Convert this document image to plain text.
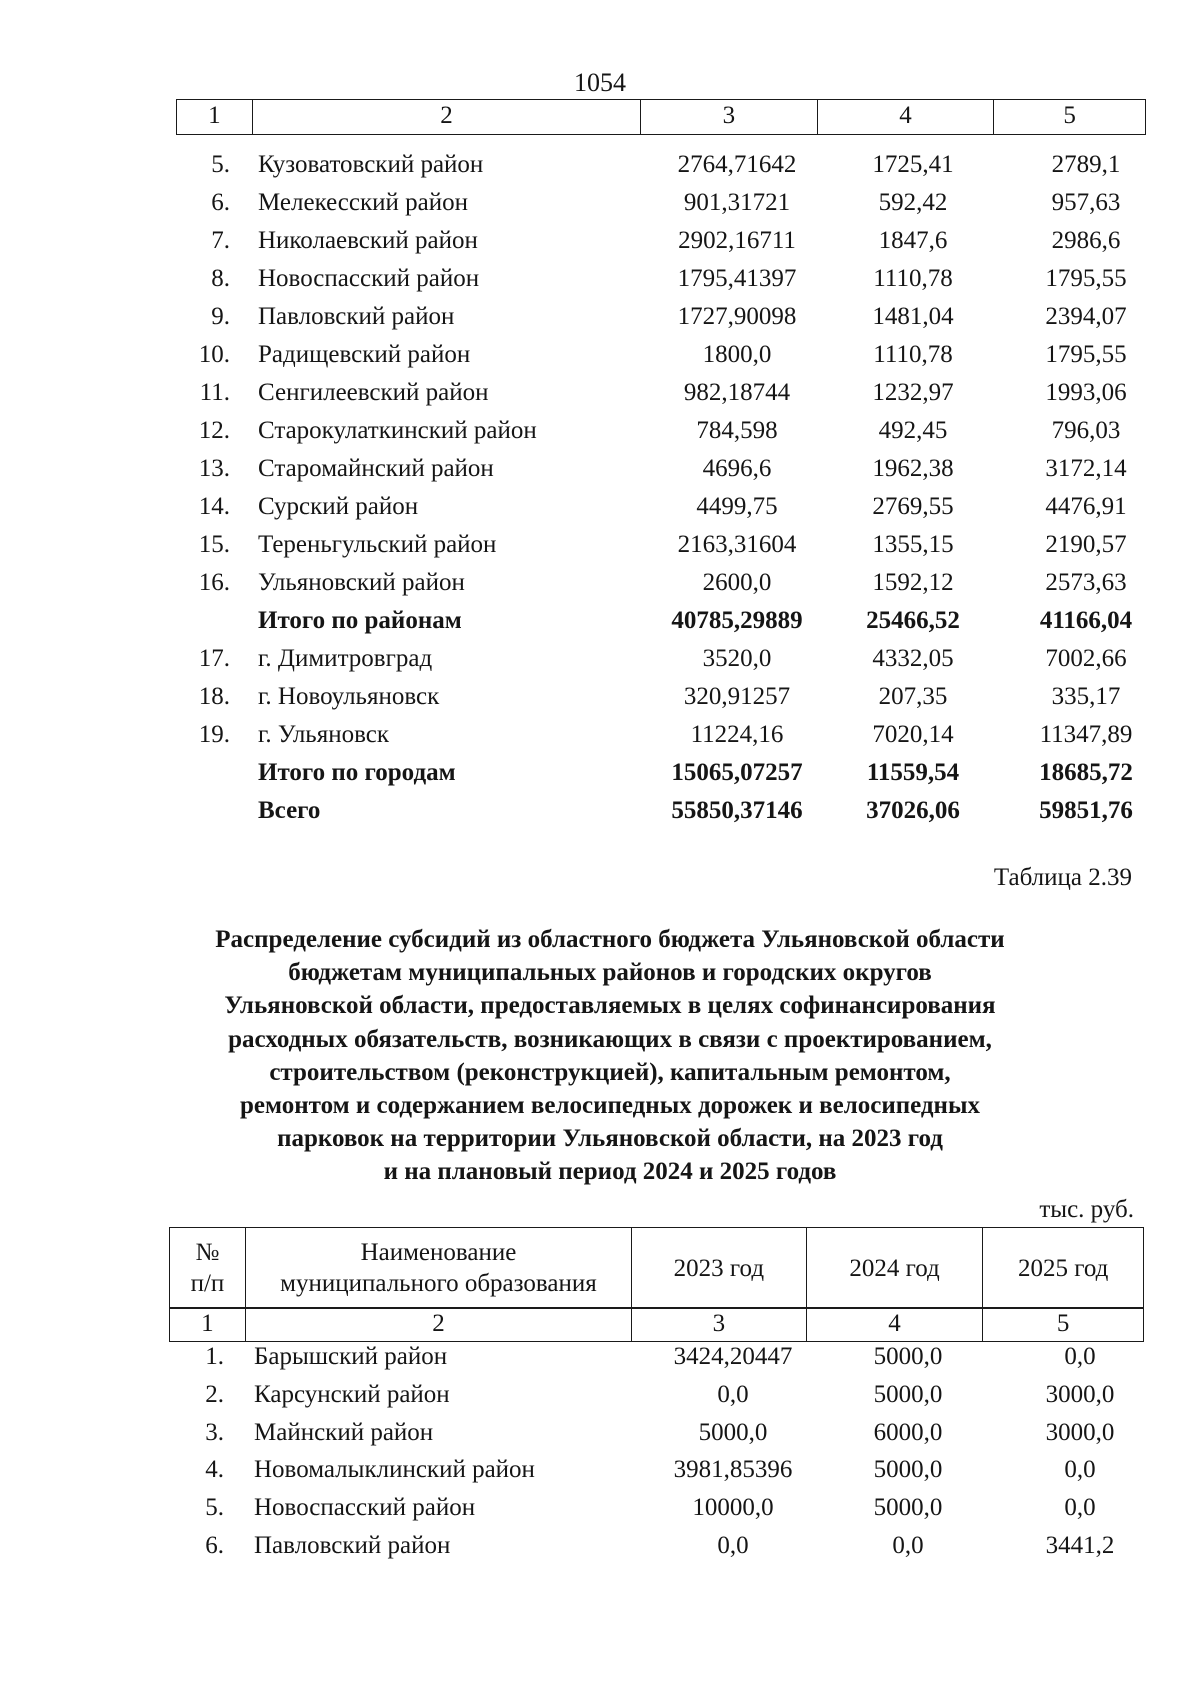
1054
1	2	3	4	5
5. Кузоватовский район	2764,71642	1725,41	2789,1
6. Мелекесский район	901,31721	592,42	957,63
7. Николаевский район	2902,16711	1847,6	2986,6
8. Новоспасский район	1795,41397	1110,78	1795,55
9. Павловский район	1727,90098	1481,04	2394,07
10. Радищевский район	1800,0	1110,78	1795,55
11. Сенгилеевский район	982,18744	1232,97	1993,06
12. Старокулаткинский район	784,598	492,45	796,03
13. Старомайнский район	4696,6	1962,38	3172,14
14. Сурский район	4499,75	2769,55	4476,91
15. Тереньгульский район	2163,31604	1355,15	2190,57
16. Ульяновский район	2600,0	1592,12	2573,63
Итого по районам	40785,29889	25466,52	41166,04
17. г. Димитровград	3520,0	4332,05	7002,66
18. г. Новоульяновск	320,91257	207,35	335,17
19. г. Ульяновск	11224,16	7020,14	11347,89
Итого по городам	15065,07257	11559,54	18685,72
Всего	55850,37146	37026,06	59851,76
Таблица 2.39
Распределение субсидий из областного бюджета Ульяновской области
бюджетам муниципальных районов и городских округов
Ульяновской области, предоставляемых в целях софинансирования
расходных обязательств, возникающих в связи с проектированием,
строительством (реконструкцией), капитальным ремонтом,
ремонтом и содержанием велосипедных дорожек и велосипедных
парковок на территории Ульяновской области, на 2023 год
и на плановый период 2024 и 2025 годов
тыс. руб.
№
п/п
Наименование
муниципального образования
2023 год	2024 год	2025 год
1	2	3	4	5
1. Барышский район	3424,20447	5000,0	0,0
2. Карсунский район	0,0	5000,0	3000,0
3. Майнский район	5000,0	6000,0	3000,0
4. Новомалыклинский район	3981,85396	5000,0	0,0
5. Новоспасский район	10000,0	5000,0	0,0
6. Павловский район	0,0	0,0	3441,2
